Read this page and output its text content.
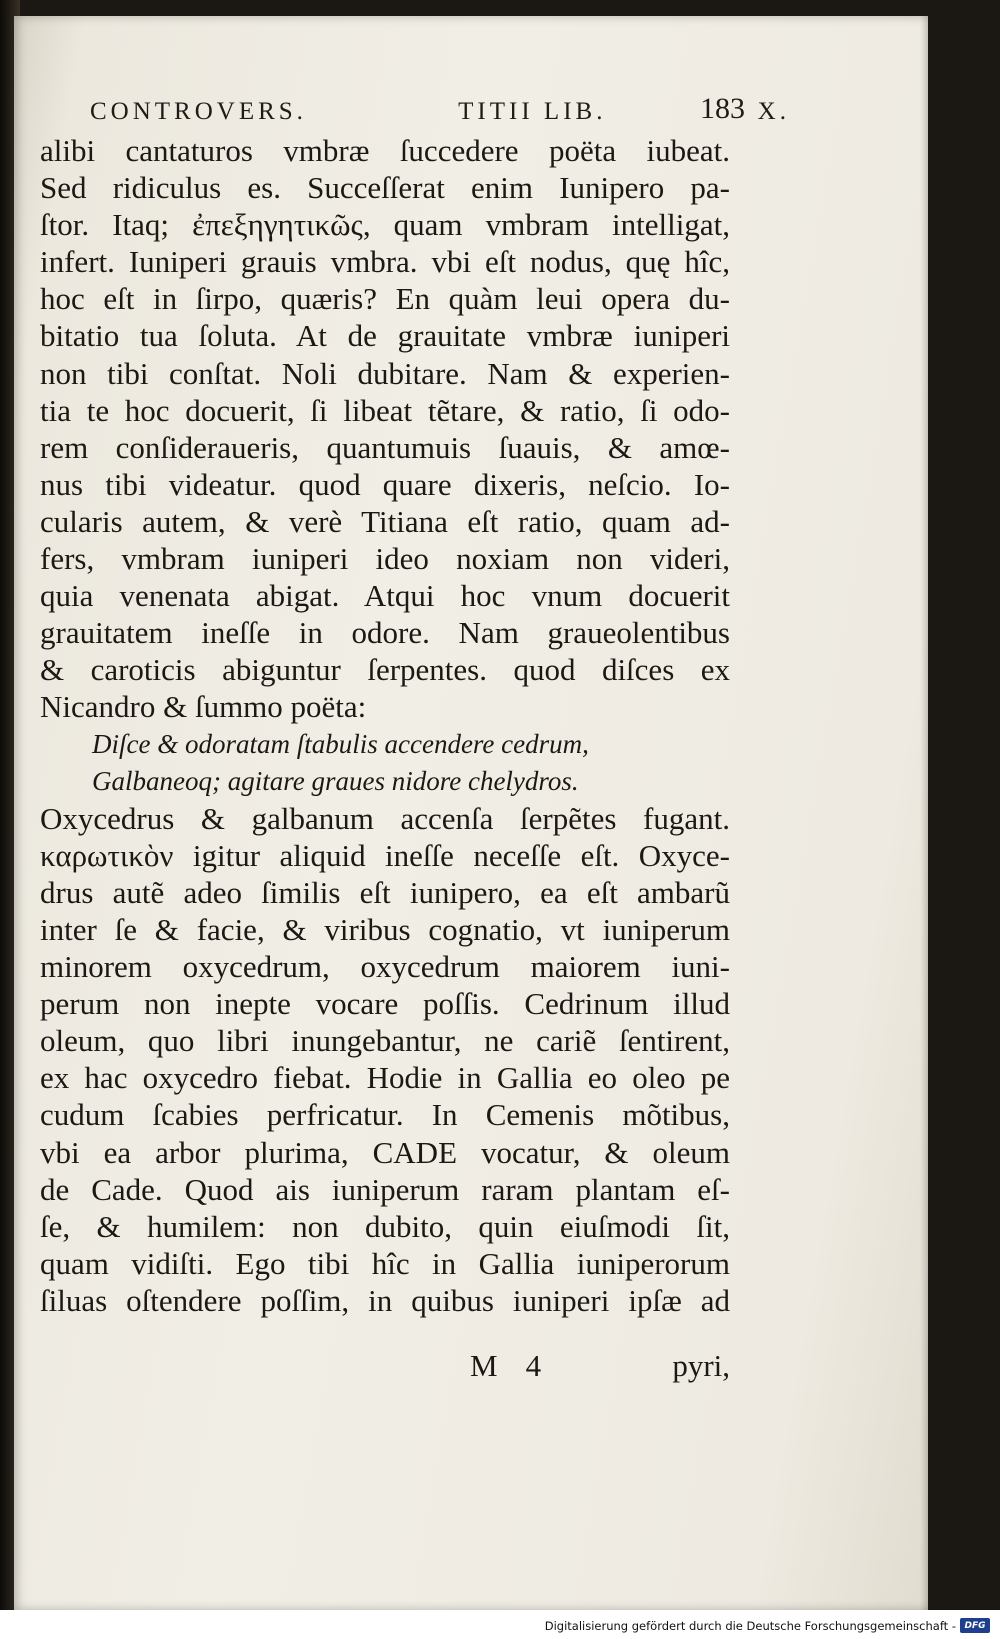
CONTROVERS.	TITII LIB.	X.
183
alibi cantaturos vmbræ ſuccedere poëta iubeat.
Sed ridiculus es. Succeſſerat enim Iunipero pa-
ſtor. Itaq; ἐπεξηγητικῶς, quam vmbram intelligat,
infert. Iuniperi grauis vmbra. vbi eſt nodus, quę hîc,
hoc eſt in ſirpo, quæris? En quàm leui opera du-
bitatio tua ſoluta. At de grauitate vmbræ iuniperi
non tibi conſtat. Noli dubitare. Nam & experien-
tia te hoc docuerit, ſi libeat tẽtare, & ratio, ſi odo-
rem conſideraueris, quantumuis ſuauis, & amœ-
nus tibi videatur. quod quare dixeris, neſcio. Io-
cularis autem, & verè Titiana eſt ratio, quam ad-
fers, vmbram iuniperi ideo noxiam non videri,
quia venenata abigat. Atqui hoc vnum docuerit
grauitatem ineſſe in odore. Nam graueolentibus
& caroticis abiguntur ſerpentes. quod diſces ex
Nicandro & ſummo poëta:
Diſce & odoratam ſtabulis accendere cedrum,
Galbaneoq; agitare graues nidore chelydros.
Oxycedrus & galbanum accenſa ſerpẽtes fugant.
καρωτικὸν igitur aliquid ineſſe neceſſe eſt. Oxyce-
drus autẽ adeo ſimilis eſt iunipero, ea eſt ambarũ
inter ſe & facie, & viribus cognatio, vt iuniperum
minorem oxycedrum, oxycedrum maiorem iuni-
perum non inepte vocare poſſis. Cedrinum illud
oleum, quo libri inungebantur, ne cariẽ ſentirent,
ex hac oxycedro fiebat. Hodie in Gallia eo oleo pe
cudum ſcabies perfricatur. In Cemenis mõtibus,
vbi ea arbor plurima, CADE vocatur, & oleum
de Cade. Quod ais iuniperum raram plantam eſ-
ſe, & humilem: non dubito, quin eiuſmodi ſit,
quam vidiſti. Ego tibi hîc in Gallia iuniperorum
ſiluas oſtendere poſſim, in quibus iuniperi ipſæ ad
M 4	pyri,
Digitalisierung gefördert durch die Deutsche Forschungsgemeinschaft - DFG
